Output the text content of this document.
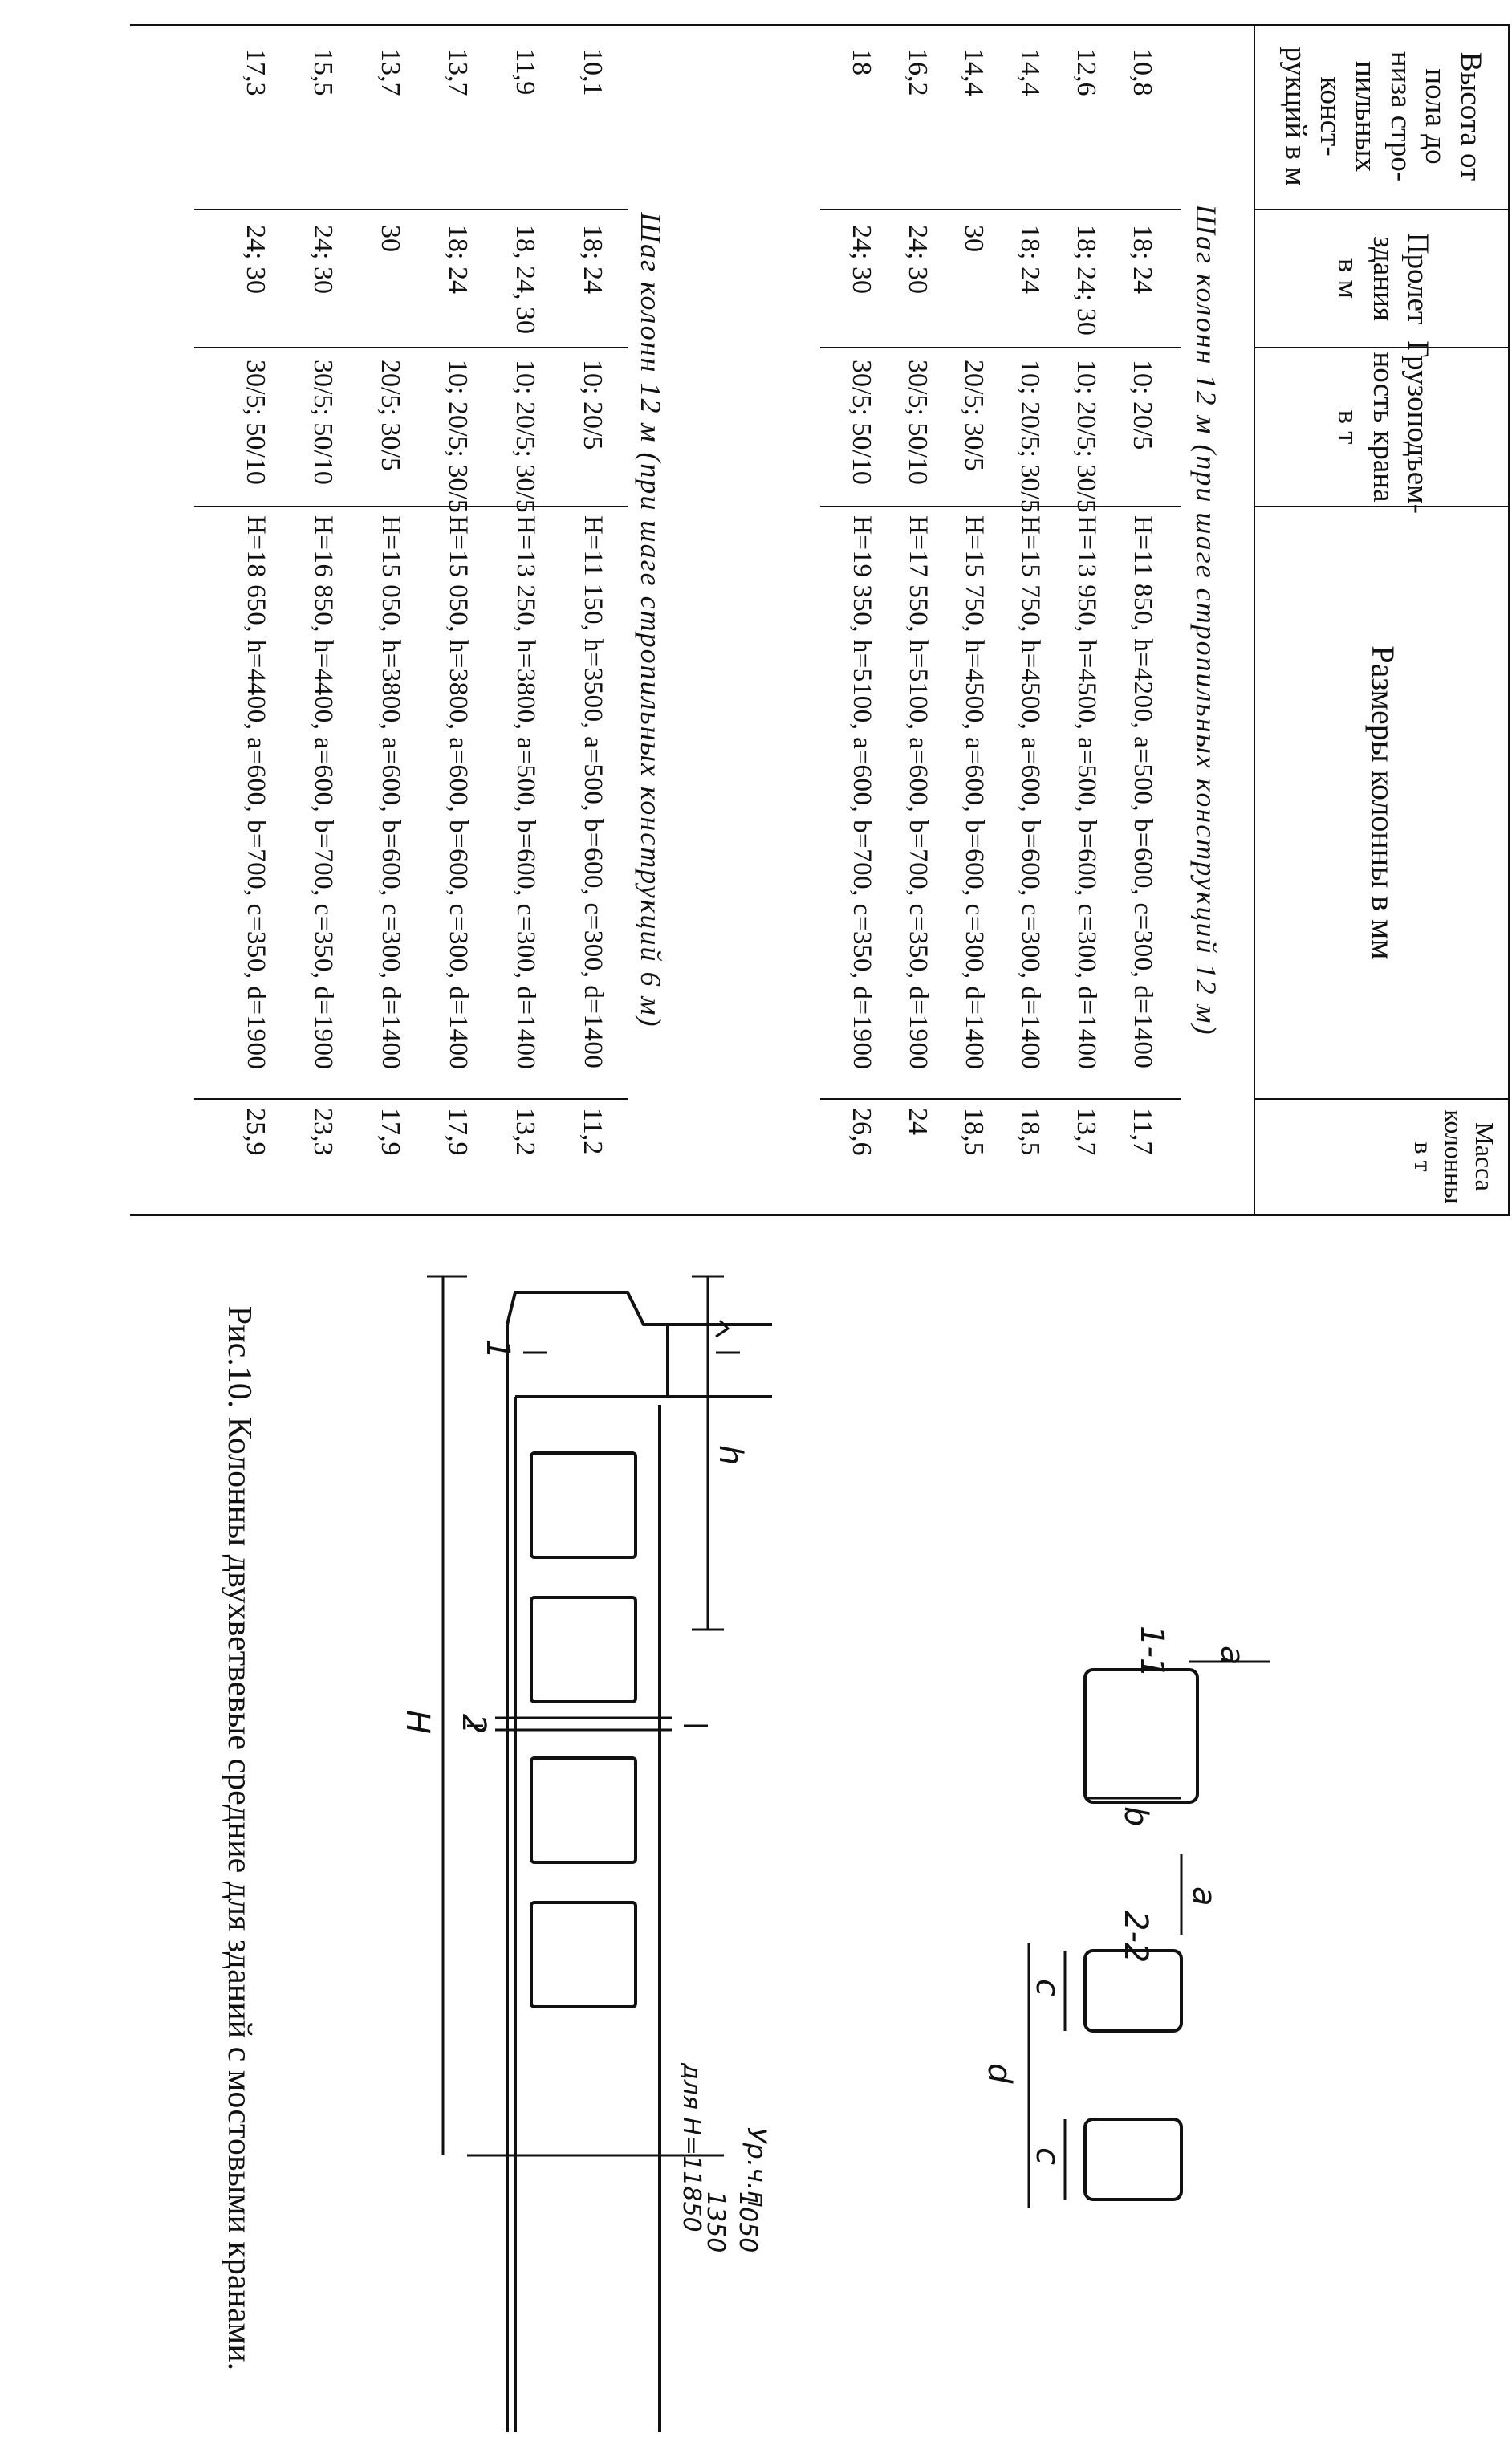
Высота от
пола до
низа стро-
пильных
конст-
рукций в м
Пролет
здания
в м
Грузоподъем-
ность крана
в т
Размеры колонны в мм
Масса
колонны в т
Шаг колонн 12 м (при шаге стропильных конструкций 12 м)
10,8
18; 24
10; 20/5
H=11 850, h=4200, a=500, b=600, c=300, d=1400
11,7
12,6
18; 24; 30
10; 20/5; 30/5
H=13 950, h=4500, a=500, b=600, c=300, d=1400
13,7
14,4
18; 24
10; 20/5; 30/5
H=15 750, h=4500, a=600, b=600, c=300, d=1400
18,5
14,4
30
20/5; 30/5
H=15 750, h=4500, a=600, b=600, c=300, d=1400
18,5
16,2
24; 30
30/5; 50/10
H=17 550, h=5100, a=600, b=700, c=350, d=1900
24
18
24; 30
30/5; 50/10
H=19 350, h=5100, a=600, b=700, c=350, d=1900
26,6
Шаг колонн 12 м (при шаге стропильных конструкций 6 м)
10,1
18; 24
10; 20/5
H=11 150, h=3500, a=500, b=600, c=300, d=1400
11,2
11,9
18, 24, 30
10; 20/5; 30/5
H=13 250, h=3800, a=500, b=600, c=300, d=1400
13,2
13,7
18; 24
10; 20/5; 30/5
H=15 050, h=3800, a=600, b=600, c=300, d=1400
17,9
13,7
30
20/5; 30/5
H=15 050, h=3800, a=600, b=600, c=300, d=1400
17,9
15,5
24; 30
30/5; 50/10
H=16 850, h=4400, a=600, b=700, c=350, d=1900
23,3
17,3
24; 30
30/5; 50/10
H=18 650, h=4400, a=600, b=700, c=350, d=1900
25,9
1-1
2-2
b
a
a
c
c
d
h
H
1
2
Ур.ч.п
1050
1350
для H=11850
Рис.10. Колонны двухветвевые средние для зданий с мостовыми кранами.
